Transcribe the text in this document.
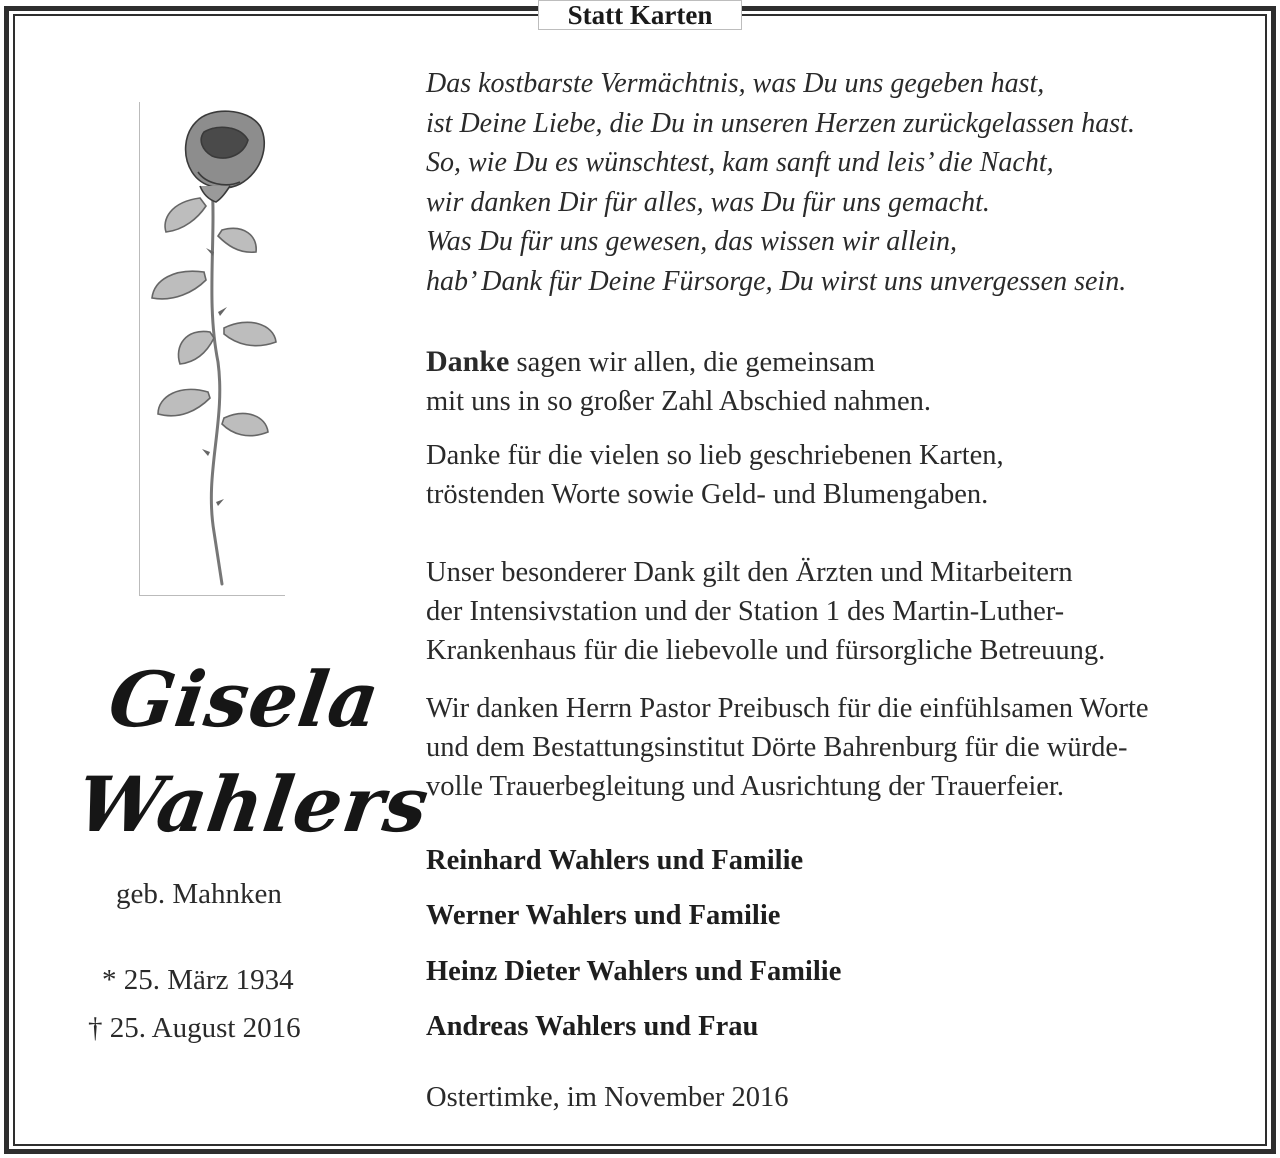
Statt Karten
Gisela
Wahlers
geb. Mahnken
* 25. März 1934
† 25. August 2016
Das kostbarste Vermächtnis, was Du uns gegeben hast,
ist Deine Liebe, die Du in unseren Herzen zurückgelassen hast.
So, wie Du es wünschtest, kam sanft und leis’ die Nacht,
wir danken Dir für alles, was Du für uns gemacht.
Was Du für uns gewesen, das wissen wir allein,
hab’ Dank für Deine Fürsorge, Du wirst uns unvergessen sein.
Danke sagen wir allen, die gemeinsam
mit uns in so großer Zahl Abschied nahmen.
Danke für die vielen so lieb geschriebenen Karten,
tröstenden Worte sowie Geld- und Blumengaben.
Unser besonderer Dank gilt den Ärzten und Mitarbeitern
der Intensivstation und der Station 1 des Martin-Luther-
Krankenhaus für die liebevolle und fürsorgliche Betreuung.
Wir danken Herrn Pastor Preibusch für die einfühlsamen Worte
und dem Bestattungsinstitut Dörte Bahrenburg für die würde-
volle Trauerbegleitung und Ausrichtung der Trauerfeier.
Reinhard Wahlers und Familie
Werner Wahlers und Familie
Heinz Dieter Wahlers und Familie
Andreas Wahlers und Frau
Ostertimke, im November 2016
